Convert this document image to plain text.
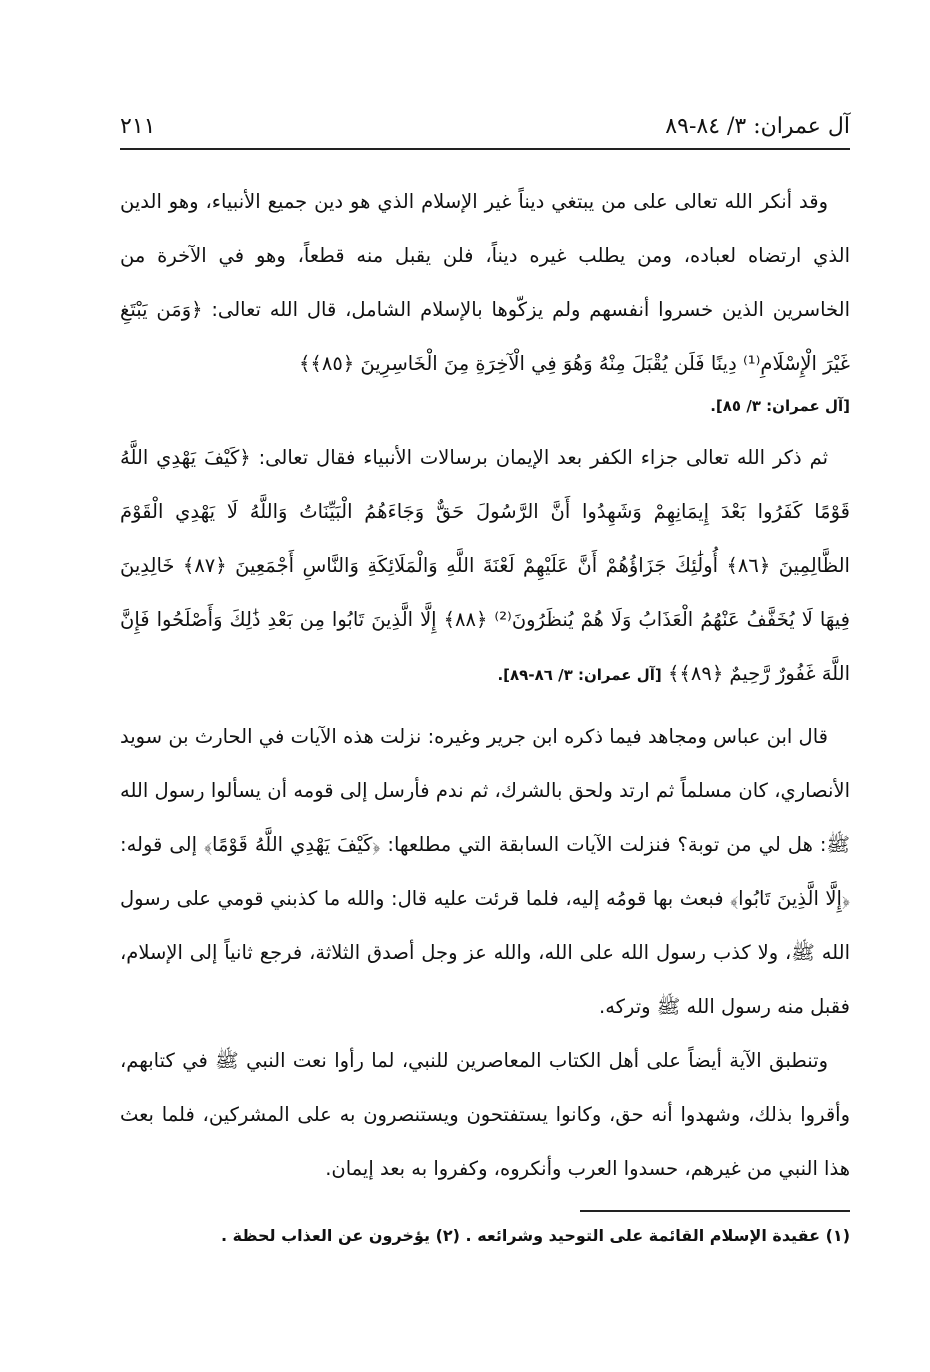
آل عمران: ٣/ ٨٤-٨٩
٢١١

وقد أنكر الله تعالى على من يبتغي ديناً غير الإسلام الذي هو دين جميع الأنبياء، وهو الدين الذي ارتضاه لعباده، ومن يطلب غيره ديناً، فلن يقبل منه قطعاً، وهو في الآخرة من الخاسرين الذين خسروا أنفسهم ولم يزكّوها بالإسلام الشامل، قال الله تعالى: ﴿وَمَن يَبْتَغِ غَيْرَ الْإِسْلَامِ⁽¹⁾ دِينًا فَلَن يُقْبَلَ مِنْهُ وَهُوَ فِي الْآخِرَةِ مِنَ الْخَاسِرِينَ ﴿٨٥﴾﴾

[آل عمران: ٣/ ٨٥].

ثم ذكر الله تعالى جزاء الكفر بعد الإيمان برسالات الأنبياء فقال تعالى: ﴿كَيْفَ يَهْدِي اللَّهُ قَوْمًا كَفَرُوا بَعْدَ إِيمَانِهِمْ وَشَهِدُوا أَنَّ الرَّسُولَ حَقٌّ وَجَاءَهُمُ الْبَيِّنَاتُ وَاللَّهُ لَا يَهْدِي الْقَوْمَ الظَّالِمِينَ ﴿٨٦﴾ أُولَٰئِكَ جَزَاؤُهُمْ أَنَّ عَلَيْهِمْ لَعْنَةَ اللَّهِ وَالْمَلَائِكَةِ وَالنَّاسِ أَجْمَعِينَ ﴿٨٧﴾ خَالِدِينَ فِيهَا لَا يُخَفَّفُ عَنْهُمُ الْعَذَابُ وَلَا هُمْ يُنظَرُونَ⁽²⁾ ﴿٨٨﴾ إِلَّا الَّذِينَ تَابُوا مِن بَعْدِ ذَٰلِكَ وَأَصْلَحُوا فَإِنَّ اللَّهَ غَفُورٌ رَّحِيمٌ ﴿٨٩﴾﴾ [آل عمران: ٣/ ٨٦-٨٩].

قال ابن عباس ومجاهد فيما ذكره ابن جرير وغيره: نزلت هذه الآيات في الحارث بن سويد الأنصاري، كان مسلماً ثم ارتد ولحق بالشرك، ثم ندم فأرسل إلى قومه أن يسألوا رسول الله ﷺ: هل لي من توبة؟ فنزلت الآيات السابقة التي مطلعها: ﴿كَيْفَ يَهْدِي اللَّهُ قَوْمًا﴾ إلى قوله: ﴿إِلَّا الَّذِينَ تَابُوا﴾ فبعث بها قومُه إليه، فلما قرئت عليه قال: والله ما كذبني قومي على رسول الله ﷺ، ولا كذب رسول الله على الله، والله عز وجل أصدق الثلاثة، فرجع ثانياً إلى الإسلام، فقبل منه رسول الله ﷺ وتركه.

وتنطبق الآية أيضاً على أهل الكتاب المعاصرين للنبي، لما رأوا نعت النبي ﷺ في كتابهم، وأقروا بذلك، وشهدوا أنه حق، وكانوا يستفتحون ويستنصرون به على المشركين، فلما بعث هذا النبي من غيرهم، حسدوا العرب وأنكروه، وكفروا به بعد إيمان.

(١) عقيدة الإسلام القائمة على التوحيد وشرائعه . (٢) يؤخرون عن العذاب لحظة .
